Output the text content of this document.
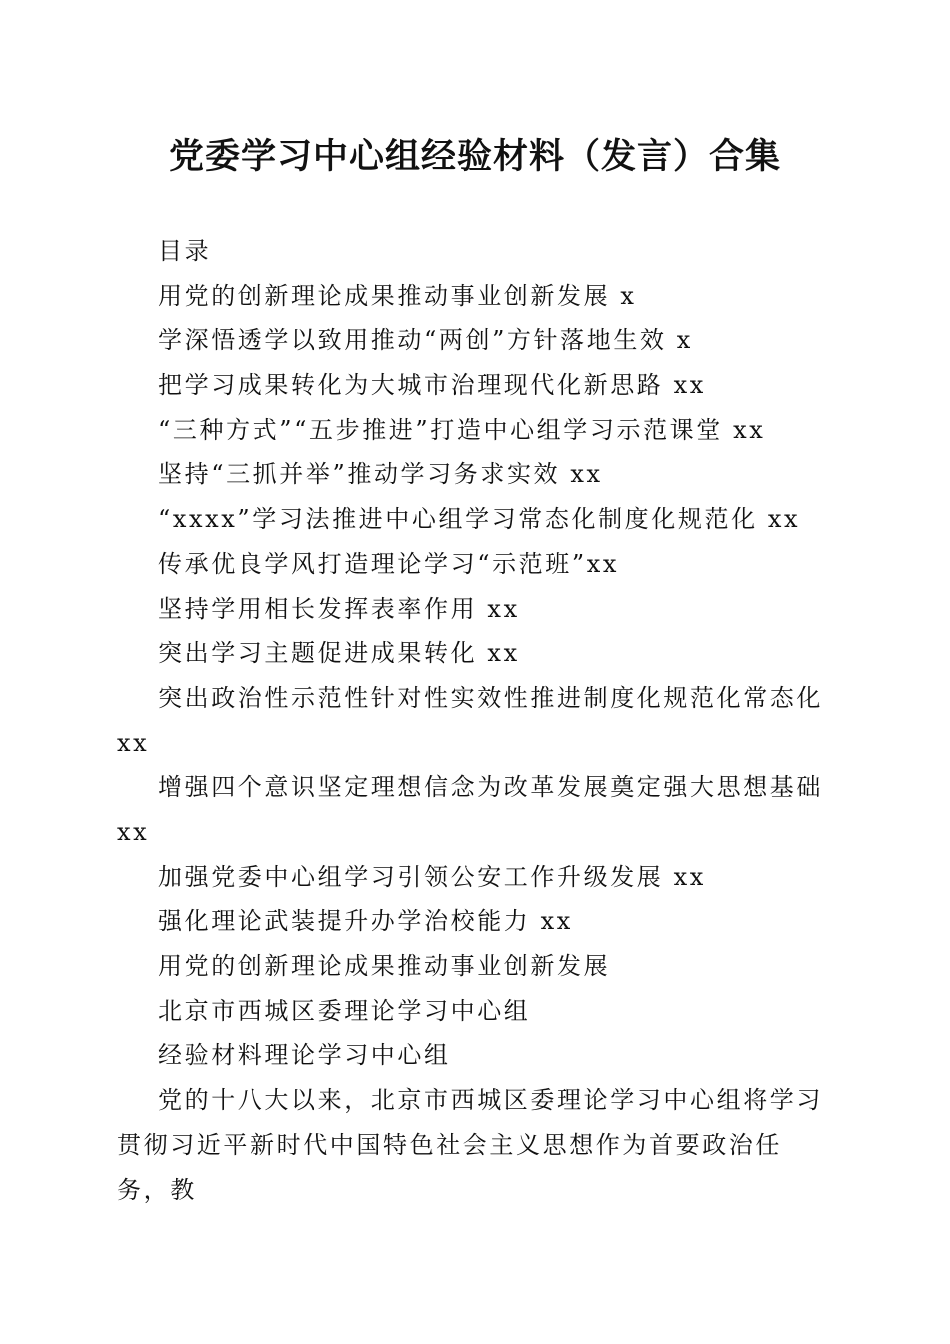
党委学习中心组经验材料（发言）合集

目录

用党的创新理论成果推动事业创新发展 x

学深悟透学以致用推动“两创”方针落地生效 x

把学习成果转化为大城市治理现代化新思路 xx

“三种方式”“五步推进”打造中心组学习示范课堂 xx

坚持“三抓并举”推动学习务求实效 xx

“xxxx”学习法推进中心组学习常态化制度化规范化 xx

传承优良学风打造理论学习“示范班”xx

坚持学用相长发挥表率作用 xx

突出学习主题促进成果转化 xx

突出政治性示范性针对性实效性推进制度化规范化常态化 xx

增强四个意识坚定理想信念为改革发展奠定强大思想基础 xx

加强党委中心组学习引领公安工作升级发展 xx

强化理论武装提升办学治校能力 xx

用党的创新理论成果推动事业创新发展

北京市西城区委理论学习中心组

经验材料理论学习中心组

党的十八大以来，北京市西城区委理论学习中心组将学习贯彻习近平新时代中国特色社会主义思想作为首要政治任务，教
